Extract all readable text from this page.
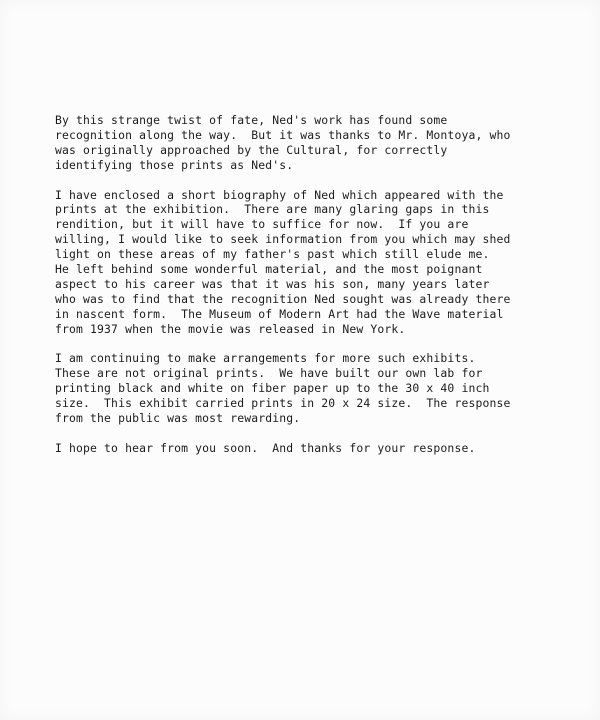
By this strange twist of fate, Ned's work has found some
recognition along the way.  But it was thanks to Mr. Montoya, who
was originally approached by the Cultural, for correctly
identifying those prints as Ned's.
I have enclosed a short biography of Ned which appeared with the
prints at the exhibition.  There are many glaring gaps in this
rendition, but it will have to suffice for now.  If you are
willing, I would like to seek information from you which may shed
light on these areas of my father's past which still elude me.
He left behind some wonderful material, and the most poignant
aspect to his career was that it was his son, many years later
who was to find that the recognition Ned sought was already there
in nascent form.  The Museum of Modern Art had the Wave material
from 1937 when the movie was released in New York.
I am continuing to make arrangements for more such exhibits.
These are not original prints.  We have built our own lab for
printing black and white on fiber paper up to the 30 x 40 inch
size.  This exhibit carried prints in 20 x 24 size.  The response
from the public was most rewarding.
I hope to hear from you soon.  And thanks for your response.
